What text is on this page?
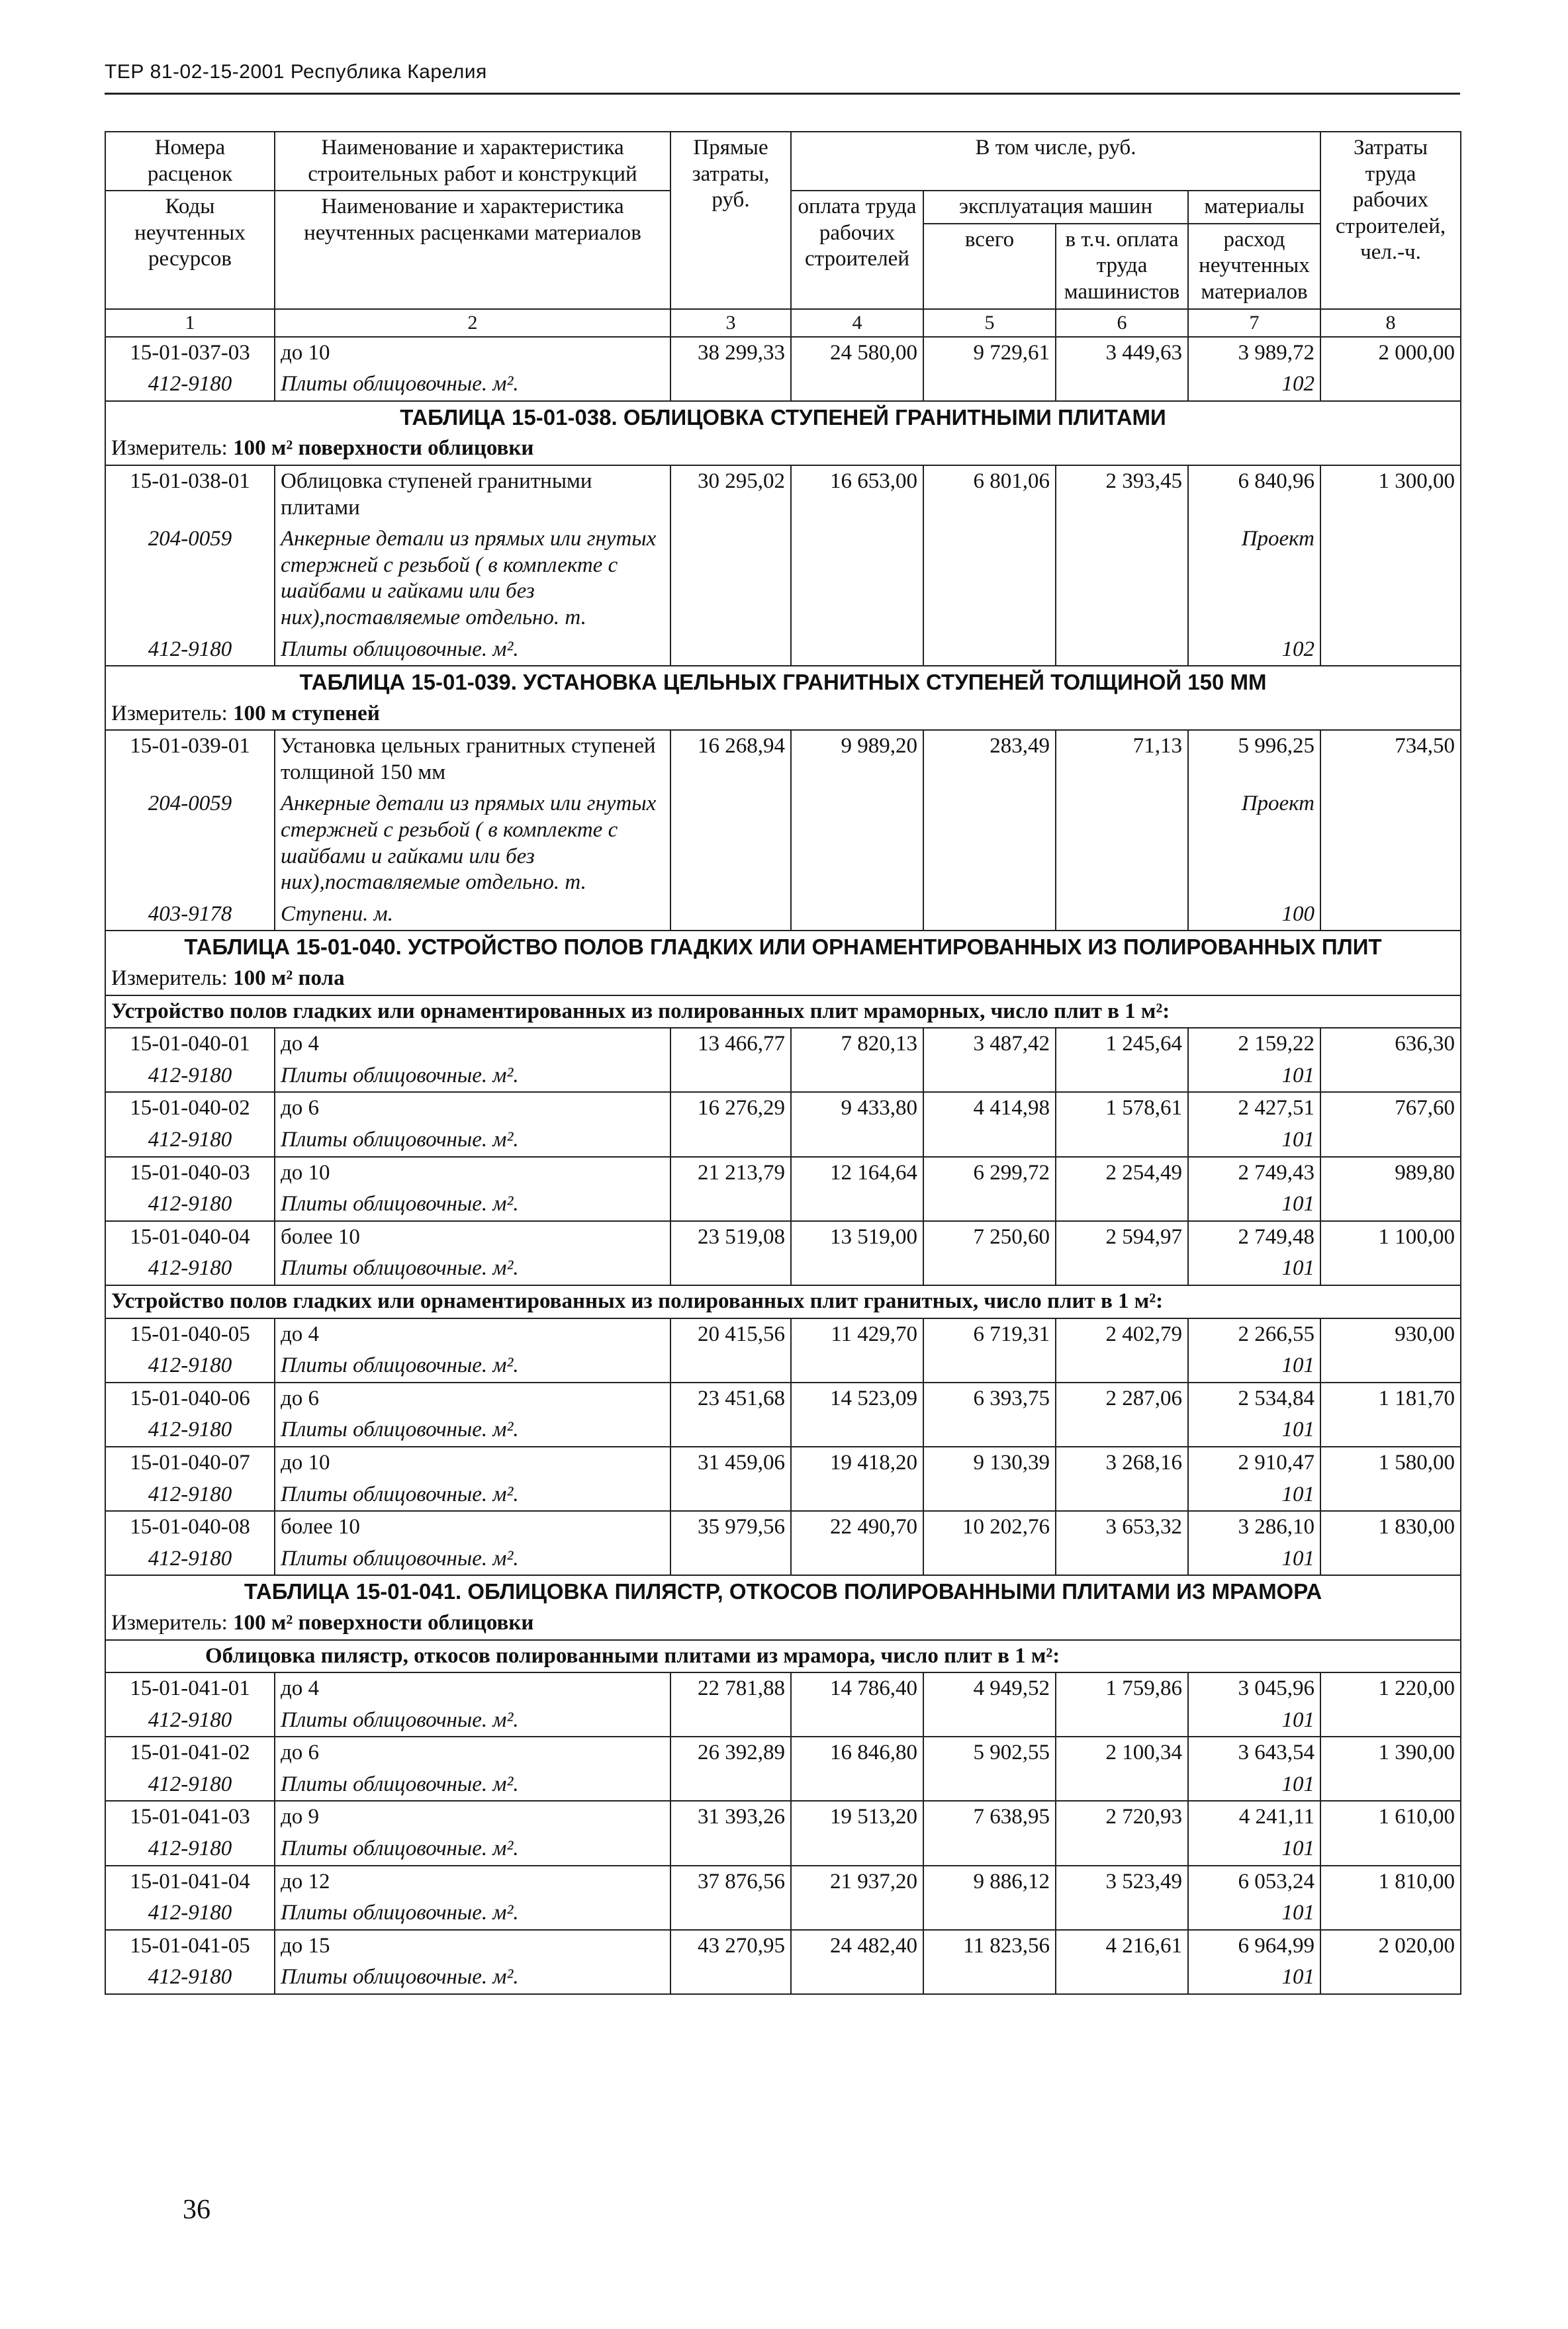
ТЕР 81-02-15-2001 Республика Карелия
Номера расценок	Наименование и характеристика строительных работ и конструкций	Прямые затраты, руб.	В том числе, руб.				Затраты труда рабочих строителей, чел.-ч.
Коды неучтенных ресурсов	Наименование и характеристика неучтенных расценками материалов		оплата труда рабочих строителей	эксплуатация машин		материалы	
				всего	в т.ч. оплата труда машинистов	расход неучтенных материалов	
1	2	3	4	5	6	7	8
15-01-037-03	до 10	38 299,33	24 580,00	9 729,61	3 449,63	3 989,72	2 000,00
412-9180	Плиты облицовочные. м².					102	
ТАБЛИЦА 15-01-038. ОБЛИЦОВКА СТУПЕНЕЙ ГРАНИТНЫМИ ПЛИТАМИ							
Измеритель: 100 м² поверхности облицовки							
15-01-038-01	Облицовка ступеней гранитными плитами	30 295,02	16 653,00	6 801,06	2 393,45	6 840,96	1 300,00
204-0059	Анкерные детали из прямых или гнутых стержней с резьбой ( в комплекте с шайбами и гайками или без них),поставляемые отдельно. т.					Проект	
412-9180	Плиты облицовочные. м².					102	
ТАБЛИЦА 15-01-039. УСТАНОВКА ЦЕЛЬНЫХ ГРАНИТНЫХ СТУПЕНЕЙ ТОЛЩИНОЙ 150 ММ							
Измеритель: 100 м ступеней							
15-01-039-01	Установка цельных гранитных ступеней толщиной 150 мм	16 268,94	9 989,20	283,49	71,13	5 996,25	734,50
204-0059	Анкерные детали из прямых или гнутых стержней с резьбой ( в комплекте с шайбами и гайками или без них),поставляемые отдельно. т.					Проект	
403-9178	Ступени. м.					100	
ТАБЛИЦА 15-01-040. УСТРОЙСТВО ПОЛОВ ГЛАДКИХ ИЛИ ОРНАМЕНТИРОВАННЫХ ИЗ ПОЛИРОВАННЫХ ПЛИТ							
Измеритель: 100 м² пола							
Устройство полов гладких или орнаментированных из полированных плит мраморных, число плит в 1 м²:							
15-01-040-01	до 4	13 466,77	7 820,13	3 487,42	1 245,64	2 159,22	636,30
412-9180	Плиты облицовочные. м².					101	
15-01-040-02	до 6	16 276,29	9 433,80	4 414,98	1 578,61	2 427,51	767,60
412-9180	Плиты облицовочные. м².					101	
15-01-040-03	до 10	21 213,79	12 164,64	6 299,72	2 254,49	2 749,43	989,80
412-9180	Плиты облицовочные. м².					101	
15-01-040-04	более 10	23 519,08	13 519,00	7 250,60	2 594,97	2 749,48	1 100,00
412-9180	Плиты облицовочные. м².					101	
Устройство полов гладких или орнаментированных из полированных плит гранитных, число плит в 1 м²:							
15-01-040-05	до 4	20 415,56	11 429,70	6 719,31	2 402,79	2 266,55	930,00
412-9180	Плиты облицовочные. м².					101	
15-01-040-06	до 6	23 451,68	14 523,09	6 393,75	2 287,06	2 534,84	1 181,70
412-9180	Плиты облицовочные. м².					101	
15-01-040-07	до 10	31 459,06	19 418,20	9 130,39	3 268,16	2 910,47	1 580,00
412-9180	Плиты облицовочные. м².					101	
15-01-040-08	более 10	35 979,56	22 490,70	10 202,76	3 653,32	3 286,10	1 830,00
412-9180	Плиты облицовочные. м².					101	
ТАБЛИЦА 15-01-041. ОБЛИЦОВКА ПИЛЯСТР, ОТКОСОВ ПОЛИРОВАННЫМИ ПЛИТАМИ ИЗ МРАМОРА							
Измеритель: 100 м² поверхности облицовки							
Облицовка пилястр, откосов полированными плитами из мрамора, число плит в 1 м²:							
15-01-041-01	до 4	22 781,88	14 786,40	4 949,52	1 759,86	3 045,96	1 220,00
412-9180	Плиты облицовочные. м².					101	
15-01-041-02	до 6	26 392,89	16 846,80	5 902,55	2 100,34	3 643,54	1 390,00
412-9180	Плиты облицовочные. м².					101	
15-01-041-03	до 9	31 393,26	19 513,20	7 638,95	2 720,93	4 241,11	1 610,00
412-9180	Плиты облицовочные. м².					101	
15-01-041-04	до 12	37 876,56	21 937,20	9 886,12	3 523,49	6 053,24	1 810,00
412-9180	Плиты облицовочные. м².					101	
15-01-041-05	до 15	43 270,95	24 482,40	11 823,56	4 216,61	6 964,99	2 020,00
412-9180	Плиты облицовочные. м².					101	
36
